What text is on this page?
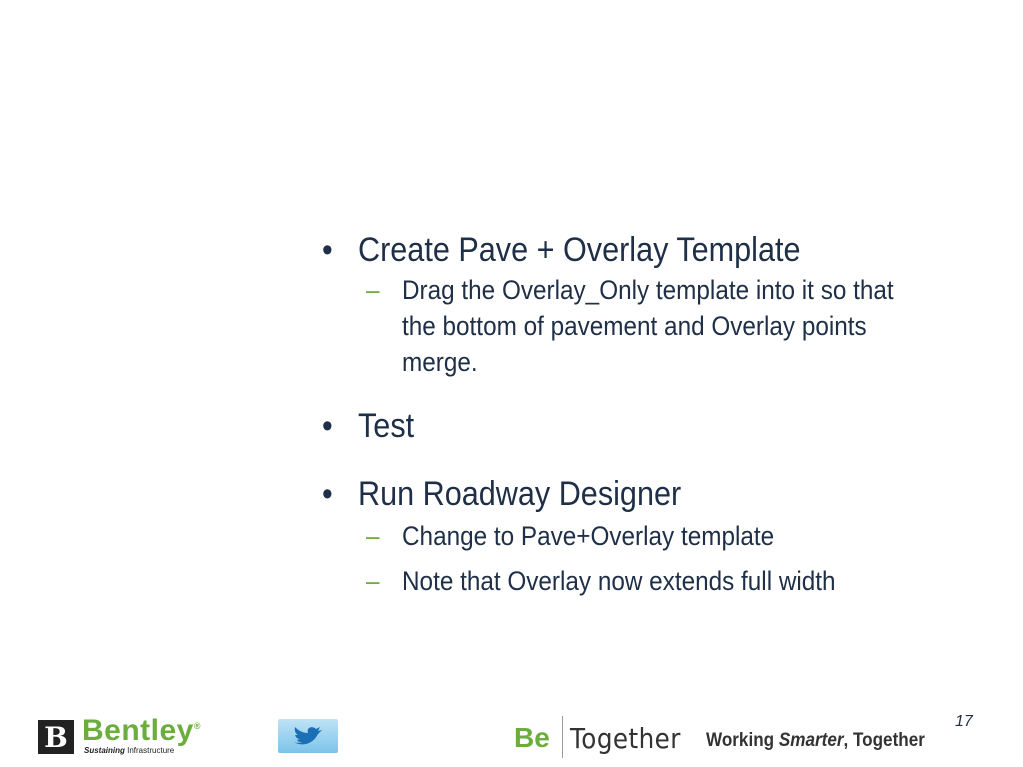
• Create Pave + Overlay Template
– Drag the Overlay_Only template into it so that the bottom of pavement and Overlay points merge.
• Test
• Run Roadway Designer
– Change to Pave+Overlay template
– Note that Overlay now extends full width
17
B Bentley®
Sustaining Infrastructure	Be Together Working Smarter, Together
